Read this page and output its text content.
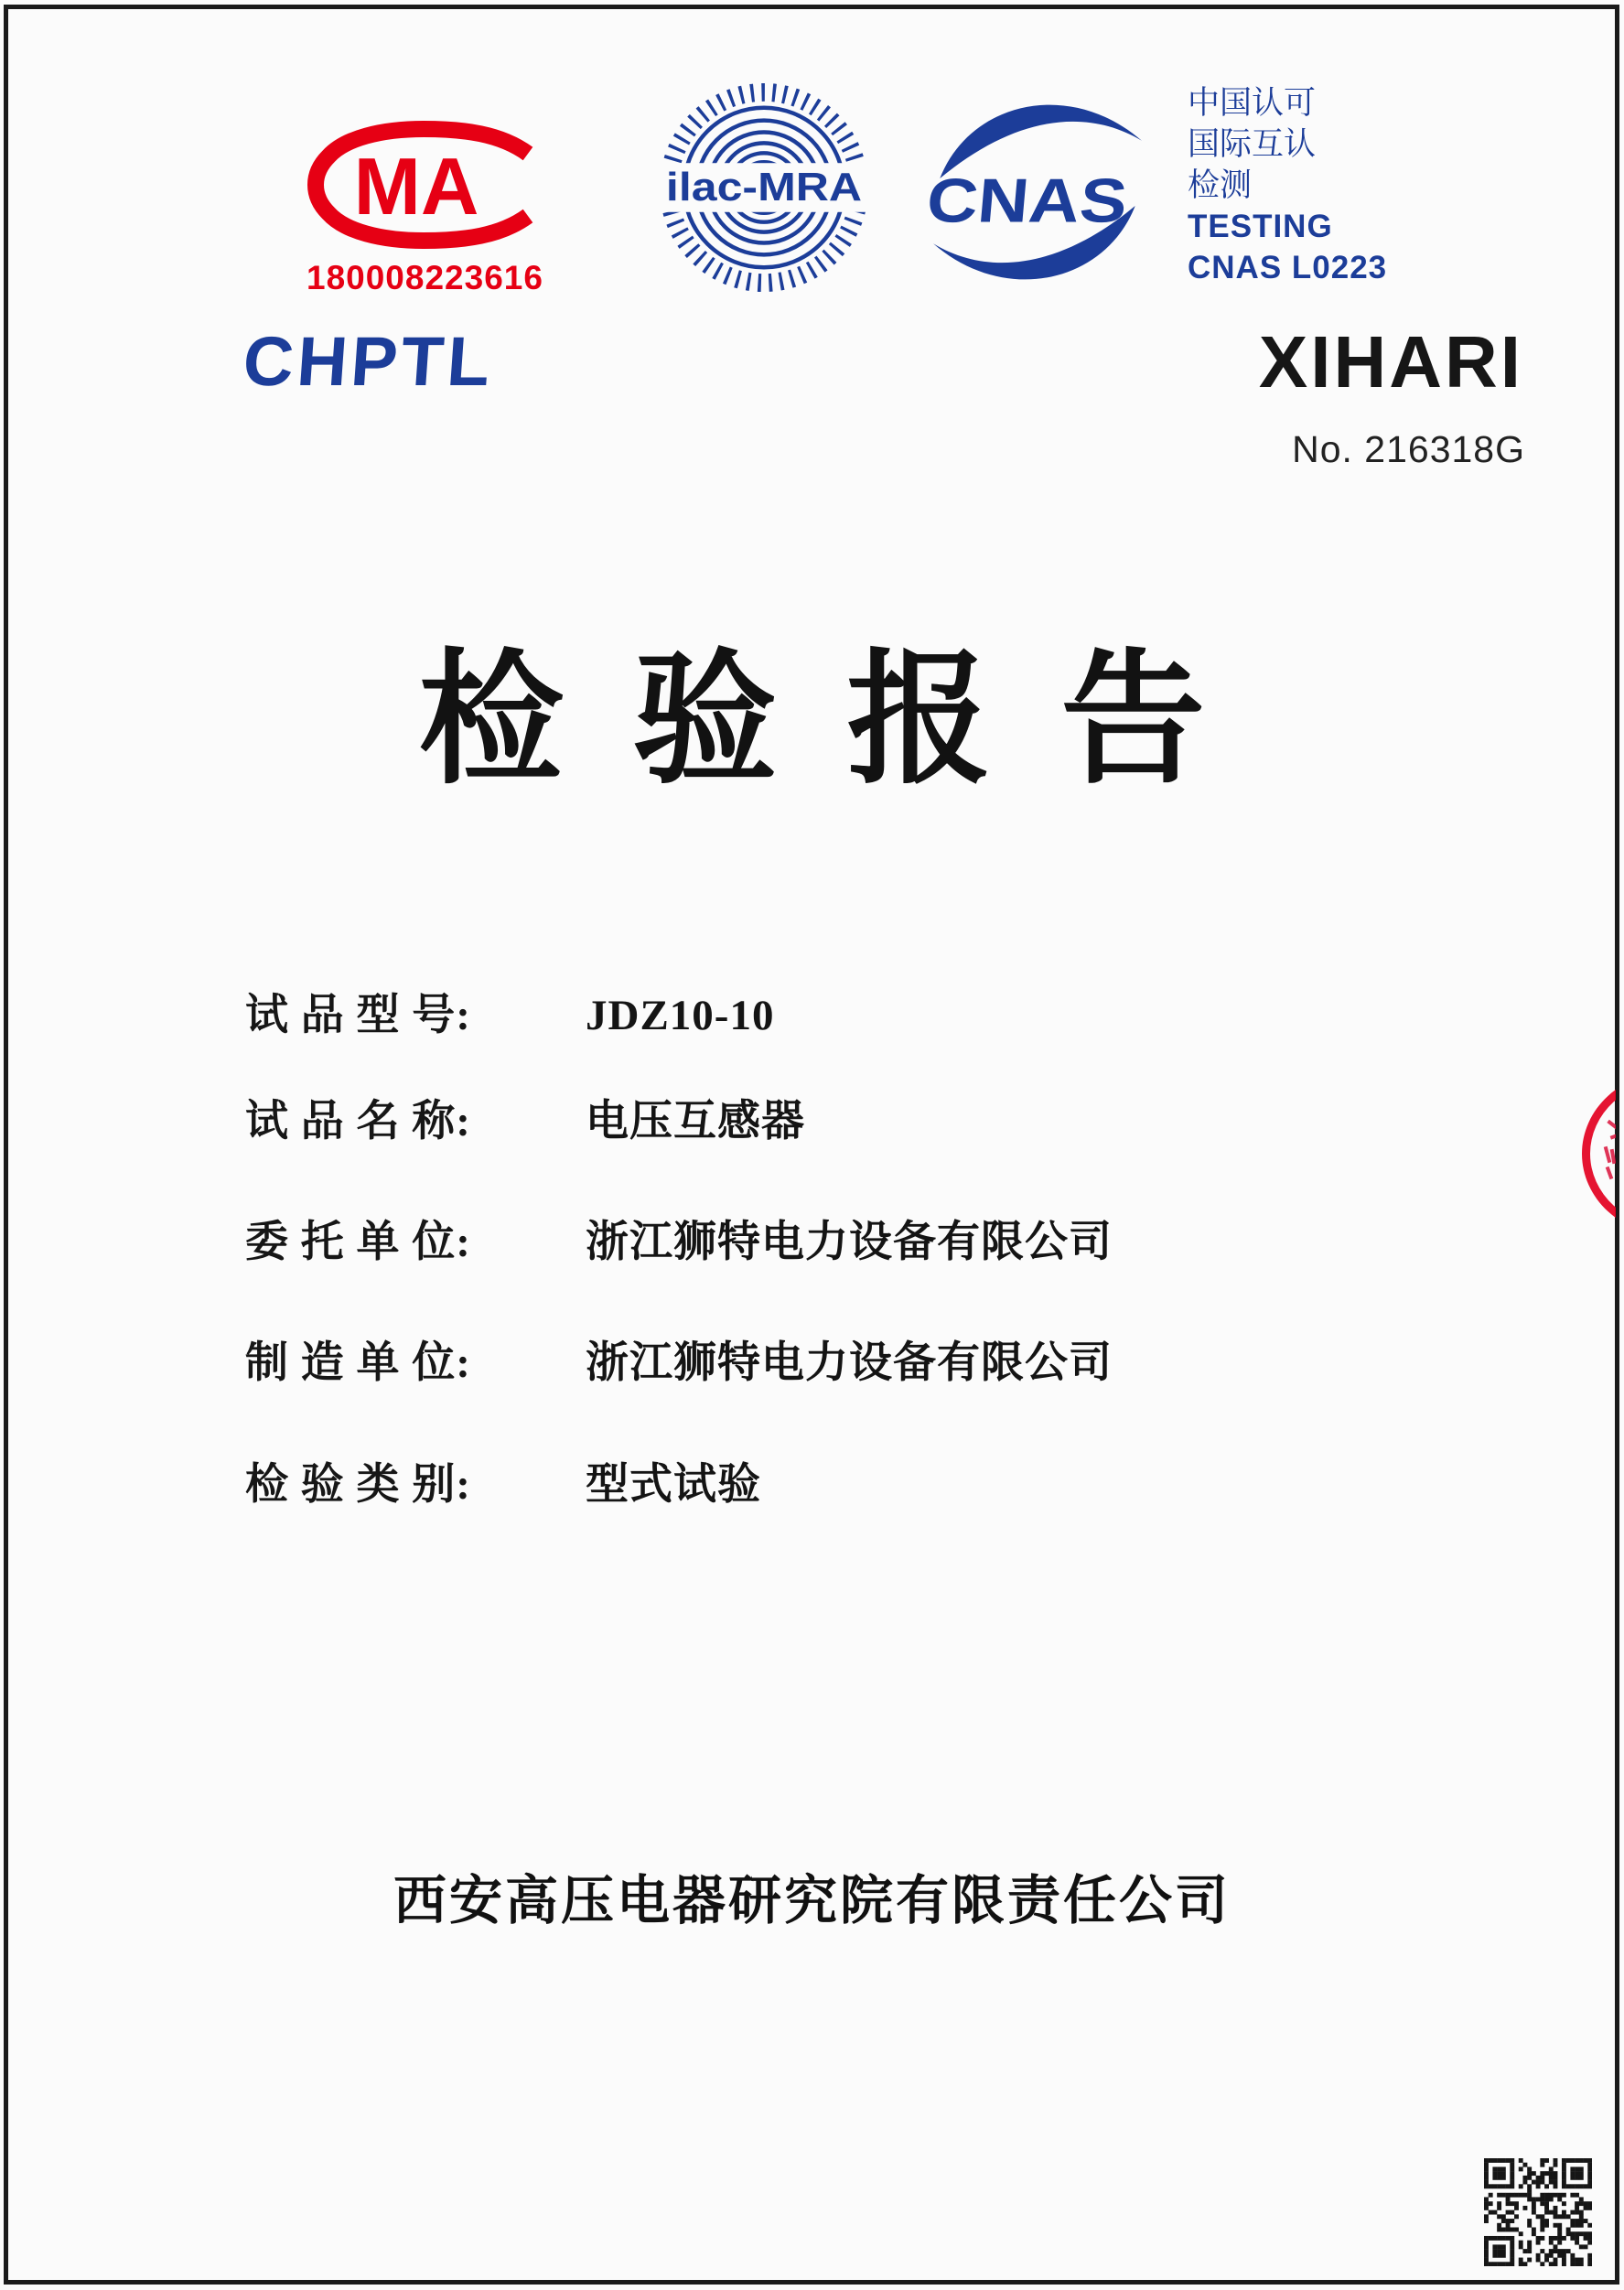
MA
180008223616
ilac-MRA CNAS
中国认可
国际互认
检测
TESTING
CNAS L0223
CHPTL	XIHARI
No. 216318G
检 验 报 告
试 品 型 号:	JDZ10-10
试 品 名 称:	电压互感器
委 托 单 位:	浙江狮特电力设备有限公司
制 造 单 位:	浙江狮特电力设备有限公司
检 验 类 别:	型式试验
西安高压电器研究院有限责任公司
